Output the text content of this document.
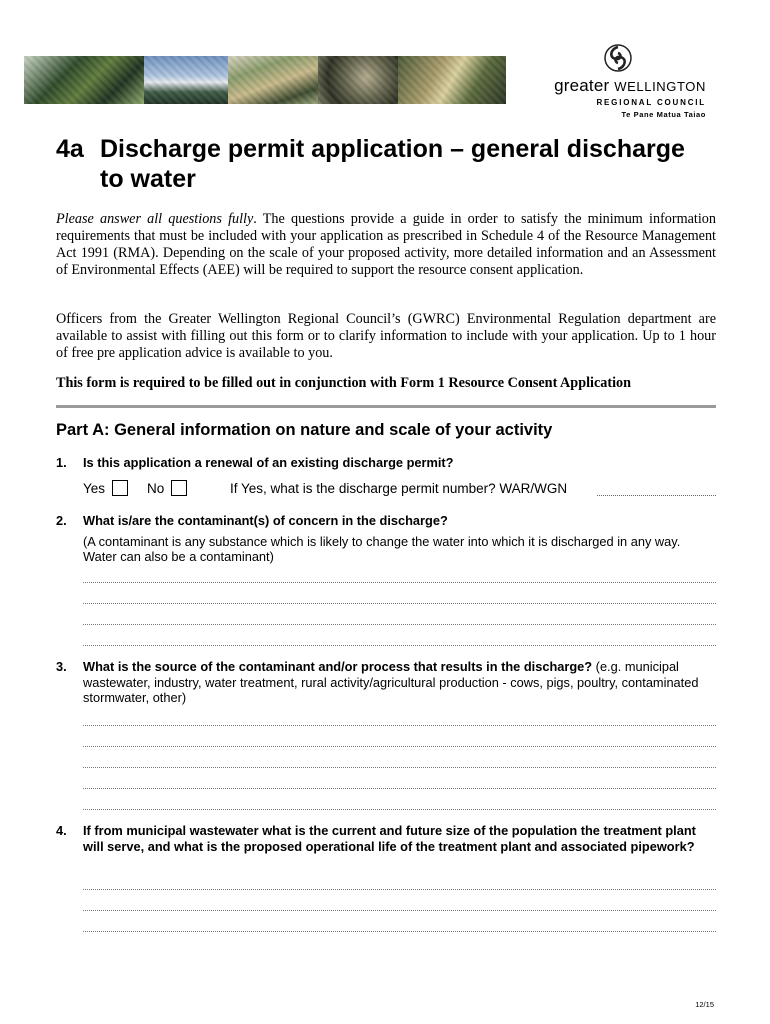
greater WELLINGTON
REGIONAL COUNCIL
Te Pane Matua Taiao
4a Discharge permit application – general discharge
to water
Please answer all questions fully. The questions provide a guide in order to satisfy the minimum information requirements that must be included with your application as prescribed in Schedule 4 of the Resource Management Act 1991 (RMA). Depending on the scale of your proposed activity, more detailed information and an Assessment of Environmental Effects (AEE) will be required to support the resource consent application.
Officers from the Greater Wellington Regional Council’s (GWRC) Environmental Regulation department are available to assist with filling out this form or to clarify information to include with your application. Up to 1 hour of free pre application advice is available to you.
This form is required to be filled out in conjunction with Form 1 Resource Consent Application
Part A: General information on nature and scale of your activity
1. Is this application a renewal of an existing discharge permit?
Yes	No	If Yes, what is the discharge permit number? WAR/WGN
2. What is/are the contaminant(s) of concern in the discharge?
(A contaminant is any substance which is likely to change the water into which it is discharged in any way. Water can also be a contaminant)
3. What is the source of the contaminant and/or process that results in the discharge? (e.g. municipal wastewater, industry, water treatment, rural activity/agricultural production - cows, pigs, poultry, contaminated stormwater, other)
4. If from municipal wastewater what is the current and future size of the population the treatment plant will serve, and what is the proposed operational life of the treatment plant and associated pipework?
12/15
